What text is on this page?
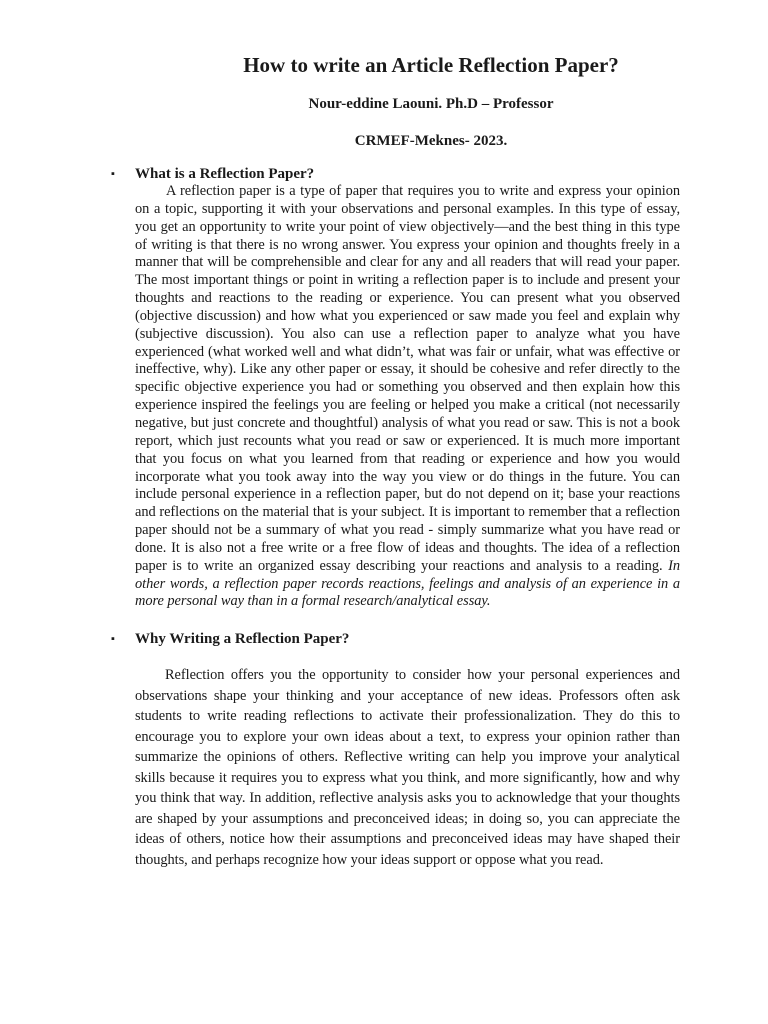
How to write an Article Reflection Paper?
Nour-eddine Laouni. Ph.D – Professor
CRMEF-Meknes- 2023.
▪ What is a Reflection Paper?

A reflection paper is a type of paper that requires you to write and express your opinion on a topic, supporting it with your observations and personal examples. In this type of essay, you get an opportunity to write your point of view objectively—and the best thing in this type of writing is that there is no wrong answer. You express your opinion and thoughts freely in a manner that will be comprehensible and clear for any and all readers that will read your paper. The most important things or point in writing a reflection paper is to include and present your thoughts and reactions to the reading or experience. You can present what you observed (objective discussion) and how what you experienced or saw made you feel and explain why (subjective discussion). You also can use a reflection paper to analyze what you have experienced (what worked well and what didn’t, what was fair or unfair, what was effective or ineffective, why). Like any other paper or essay, it should be cohesive and refer directly to the specific objective experience you had or something you observed and then explain how this experience inspired the feelings you are feeling or helped you make a critical (not necessarily negative, but just concrete and thoughtful) analysis of what you read or saw. This is not a book report, which just recounts what you read or saw or experienced. It is much more important that you focus on what you learned from that reading or experience and how you would incorporate what you took away into the way you view or do things in the future. You can include personal experience in a reflection paper, but do not depend on it; base your reactions and reflections on the material that is your subject. It is important to remember that a reflection paper should not be a summary of what you read - simply summarize what you have read or done. It is also not a free write or a free flow of ideas and thoughts. The idea of a reflection paper is to write an organized essay describing your reactions and analysis to a reading. In other words, a reflection paper records reactions, feelings and analysis of an experience in a more personal way than in a formal research/analytical essay.

▪ Why Writing a Reflection Paper?

Reflection offers you the opportunity to consider how your personal experiences and observations shape your thinking and your acceptance of new ideas. Professors often ask students to write reading reflections to activate their professionalization. They do this to encourage you to explore your own ideas about a text, to express your opinion rather than summarize the opinions of others. Reflective writing can help you improve your analytical skills because it requires you to express what you think, and more significantly, how and why you think that way. In addition, reflective analysis asks you to acknowledge that your thoughts are shaped by your assumptions and preconceived ideas; in doing so, you can appreciate the ideas of others, notice how their assumptions and preconceived ideas may have shaped their thoughts, and perhaps recognize how your ideas support or oppose what you read.
